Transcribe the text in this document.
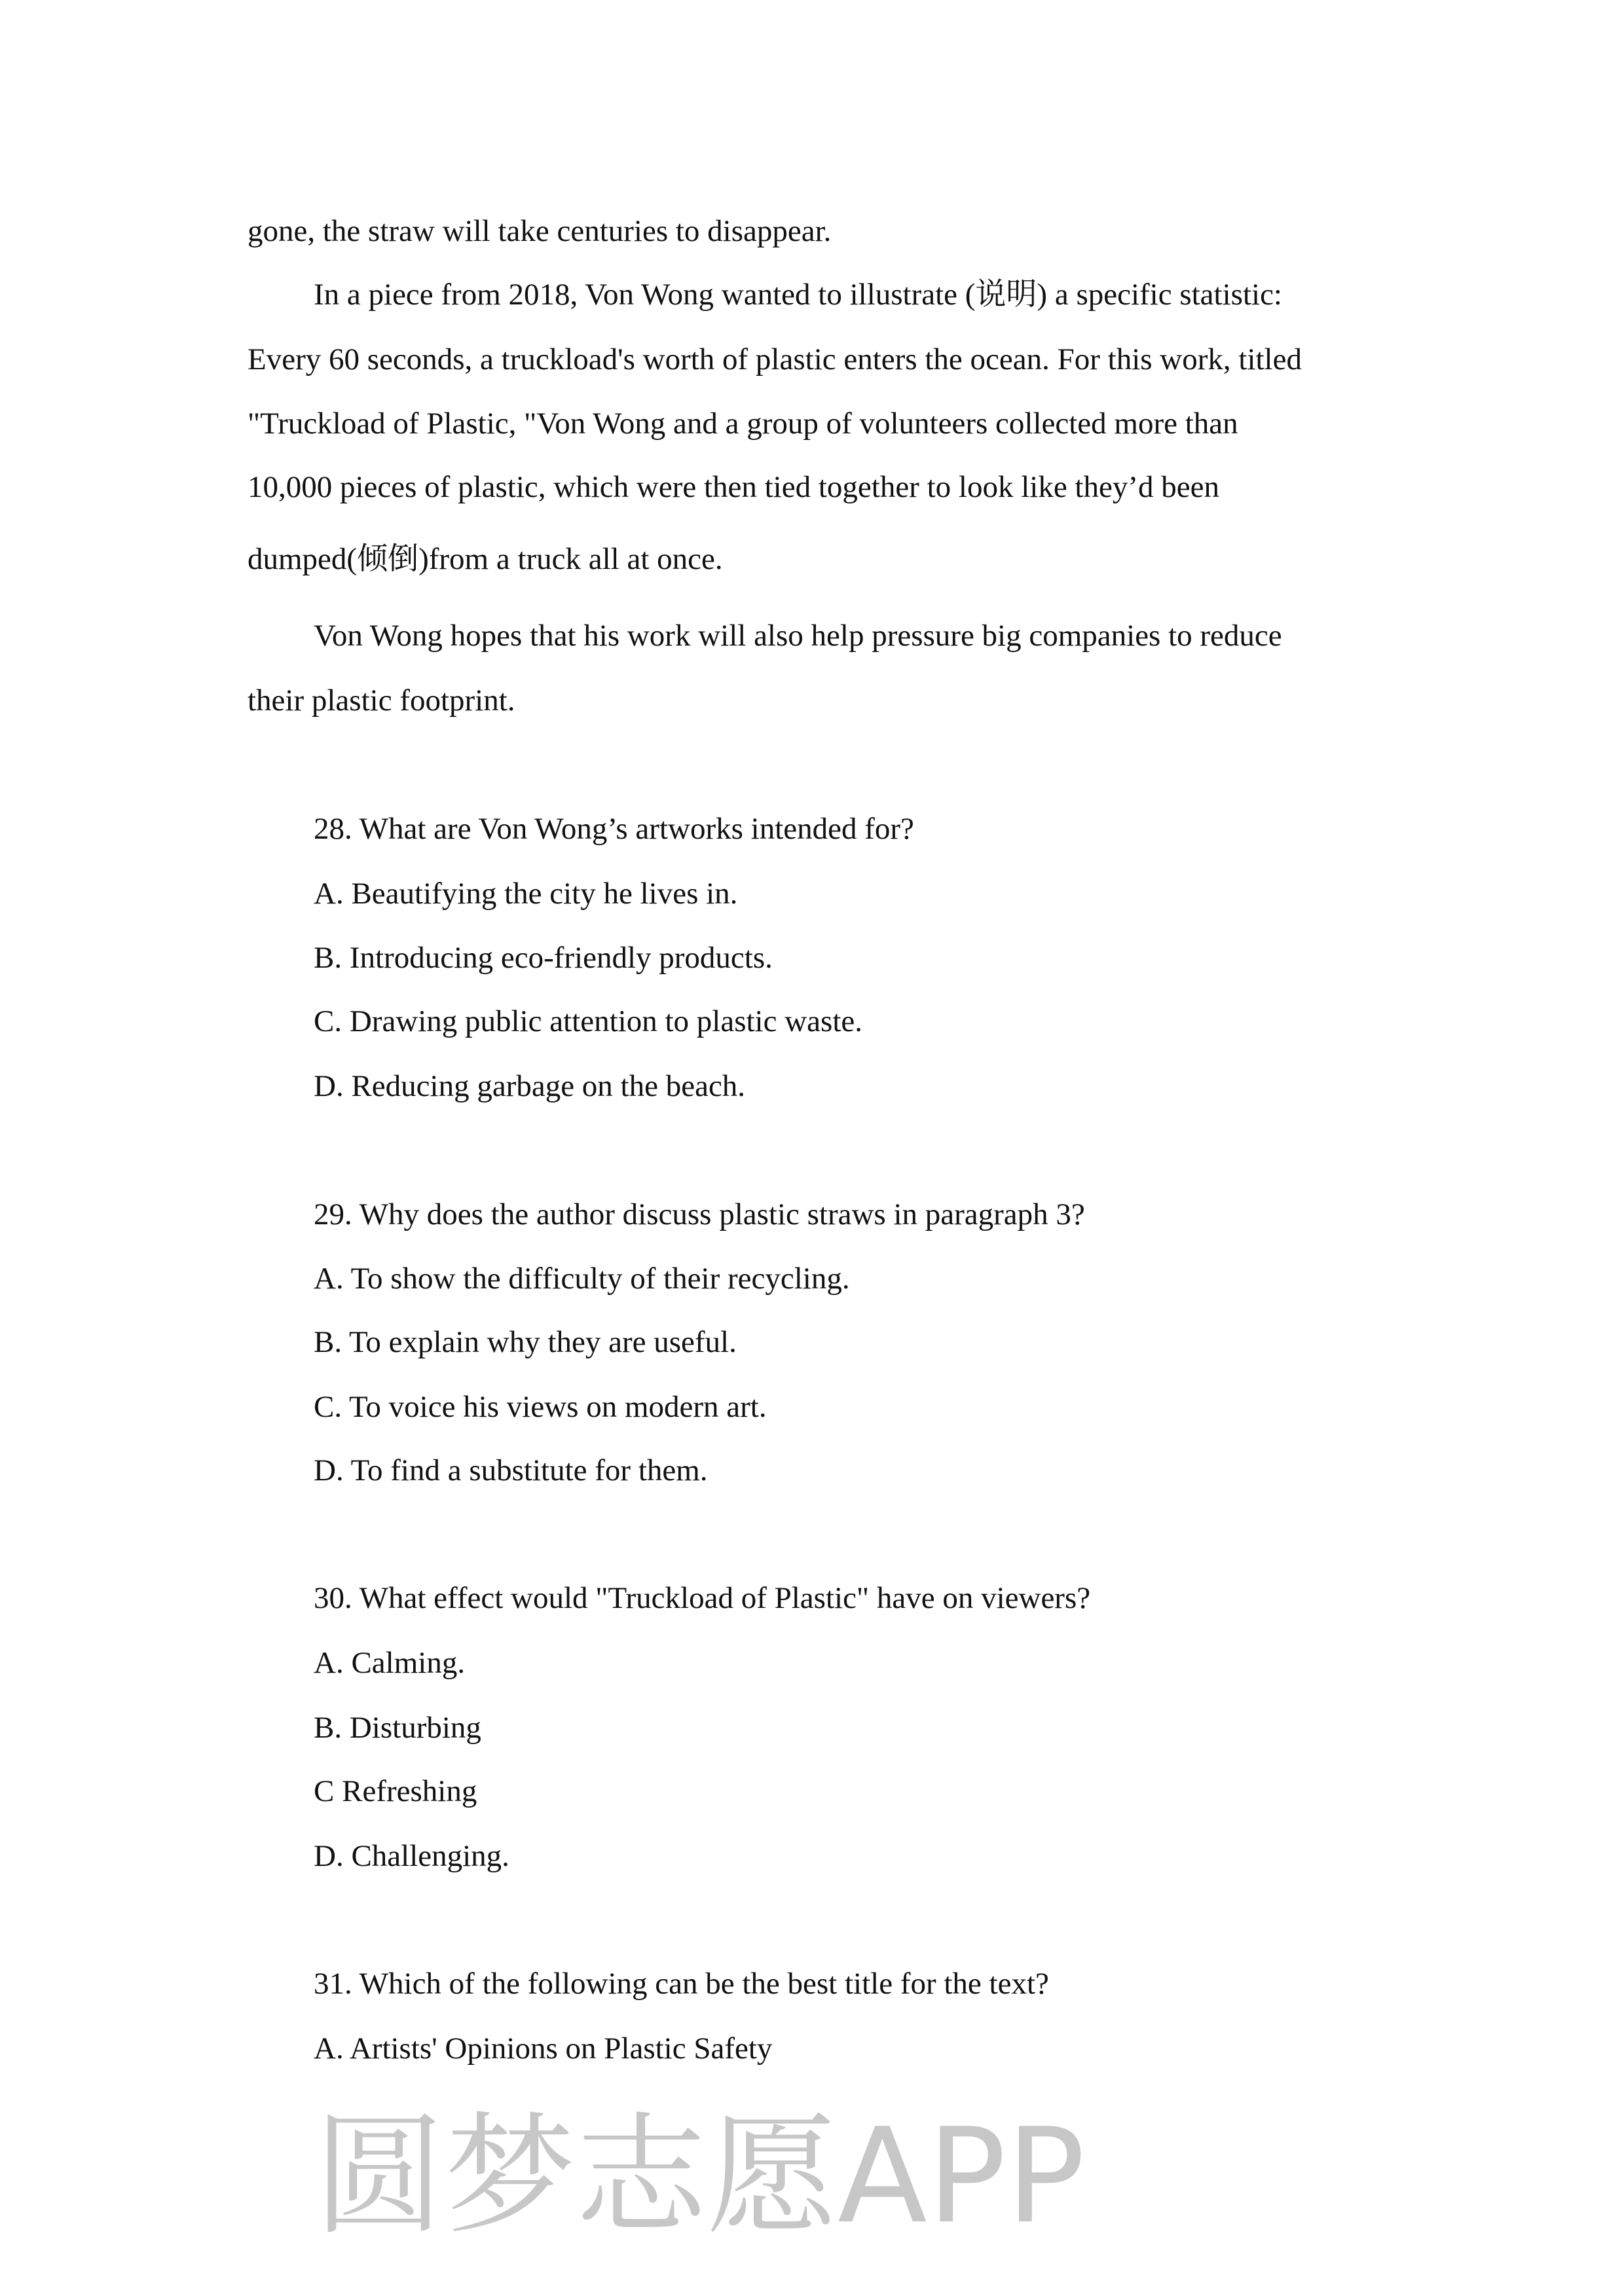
gone, the straw will take centuries to disappear.
In a piece from 2018, Von Wong wanted to illustrate (说明) a specific statistic:
Every 60 seconds, a truckload's worth of plastic enters the ocean. For this work, titled
"Truckload of Plastic, "Von Wong and a group of volunteers collected more than
10,000 pieces of plastic, which were then tied together to look like they’d been
dumped(倾倒)from a truck all at once.
Von Wong hopes that his work will also help pressure big companies to reduce
their plastic footprint.
28. What are Von Wong’s artworks intended for?
A. Beautifying the city he lives in.
B. Introducing eco-friendly products.
C. Drawing public attention to plastic waste.
D. Reducing garbage on the beach.
29. Why does the author discuss plastic straws in paragraph 3?
A. To show the difficulty of their recycling.
B. To explain why they are useful.
C. To voice his views on modern art.
D. To find a substitute for them.
30. What effect would "Truckload of Plastic" have on viewers?
A. Calming.
B. Disturbing
C Refreshing
D. Challenging.
31. Which of the following can be the best title for the text?
A. Artists' Opinions on Plastic Safety
圆梦志愿APP
